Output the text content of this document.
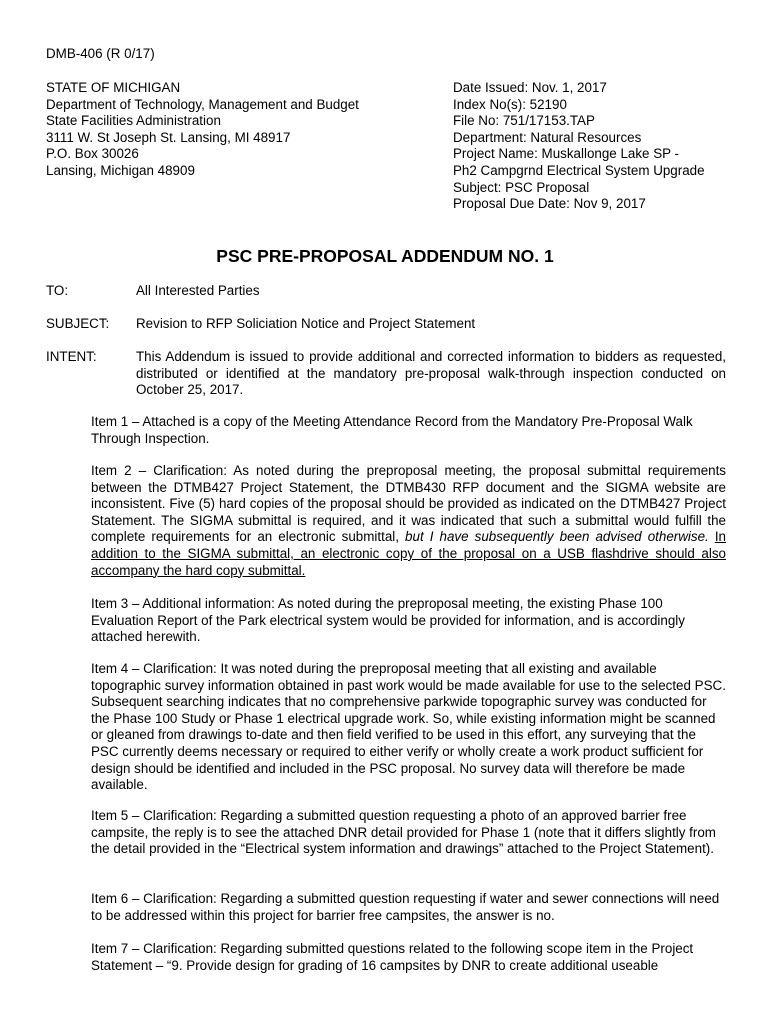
DMB-406 (R 0/17)
STATE OF MICHIGAN
Department of Technology, Management and Budget
State Facilities Administration
3111 W. St Joseph St. Lansing, MI 48917
P.O. Box 30026
Lansing, Michigan 48909
Date Issued: Nov. 1, 2017
Index No(s): 52190
File No: 751/17153.TAP
Department: Natural Resources
Project Name: Muskallonge Lake SP -
Ph2 Campgrnd Electrical System Upgrade
Subject: PSC Proposal
Proposal Due Date: Nov 9, 2017
PSC PRE-PROPOSAL ADDENDUM NO. 1
TO:	All Interested Parties
SUBJECT: Revision to RFP Soliciation Notice and Project Statement
INTENT:	This Addendum is issued to provide additional and corrected information to bidders as requested, distributed or identified at the mandatory pre-proposal walk-through inspection conducted on October 25, 2017.
Item 1 – Attached is a copy of the Meeting Attendance Record from the Mandatory Pre-Proposal Walk Through Inspection.
Item 2 – Clarification: As noted during the preproposal meeting, the proposal submittal requirements between the DTMB427 Project Statement, the DTMB430 RFP document and the SIGMA website are inconsistent. Five (5) hard copies of the proposal should be provided as indicated on the DTMB427 Project Statement. The SIGMA submittal is required, and it was indicated that such a submittal would fulfill the complete requirements for an electronic submittal, but I have subsequently been advised otherwise. In addition to the SIGMA submittal, an electronic copy of the proposal on a USB flashdrive should also accompany the hard copy submittal.
Item 3 – Additional information: As noted during the preproposal meeting, the existing Phase 100 Evaluation Report of the Park electrical system would be provided for information, and is accordingly attached herewith.
Item 4 – Clarification: It was noted during the preproposal meeting that all existing and available topographic survey information obtained in past work would be made available for use to the selected PSC. Subsequent searching indicates that no comprehensive parkwide topographic survey was conducted for the Phase 100 Study or Phase 1 electrical upgrade work. So, while existing information might be scanned or gleaned from drawings to-date and then field verified to be used in this effort, any surveying that the PSC currently deems necessary or required to either verify or wholly create a work product sufficient for design should be identified and included in the PSC proposal. No survey data will therefore be made available.
Item 5 – Clarification: Regarding a submitted question requesting a photo of an approved barrier free campsite, the reply is to see the attached DNR detail provided for Phase 1 (note that it differs slightly from the detail provided in the “Electrical system information and drawings” attached to the Project Statement).
Item 6 – Clarification: Regarding a submitted question requesting if water and sewer connections will need to be addressed within this project for barrier free campsites, the answer is no.
Item 7 – Clarification: Regarding submitted questions related to the following scope item in the Project Statement – “9. Provide design for grading of 16 campsites by DNR to create additional useable
